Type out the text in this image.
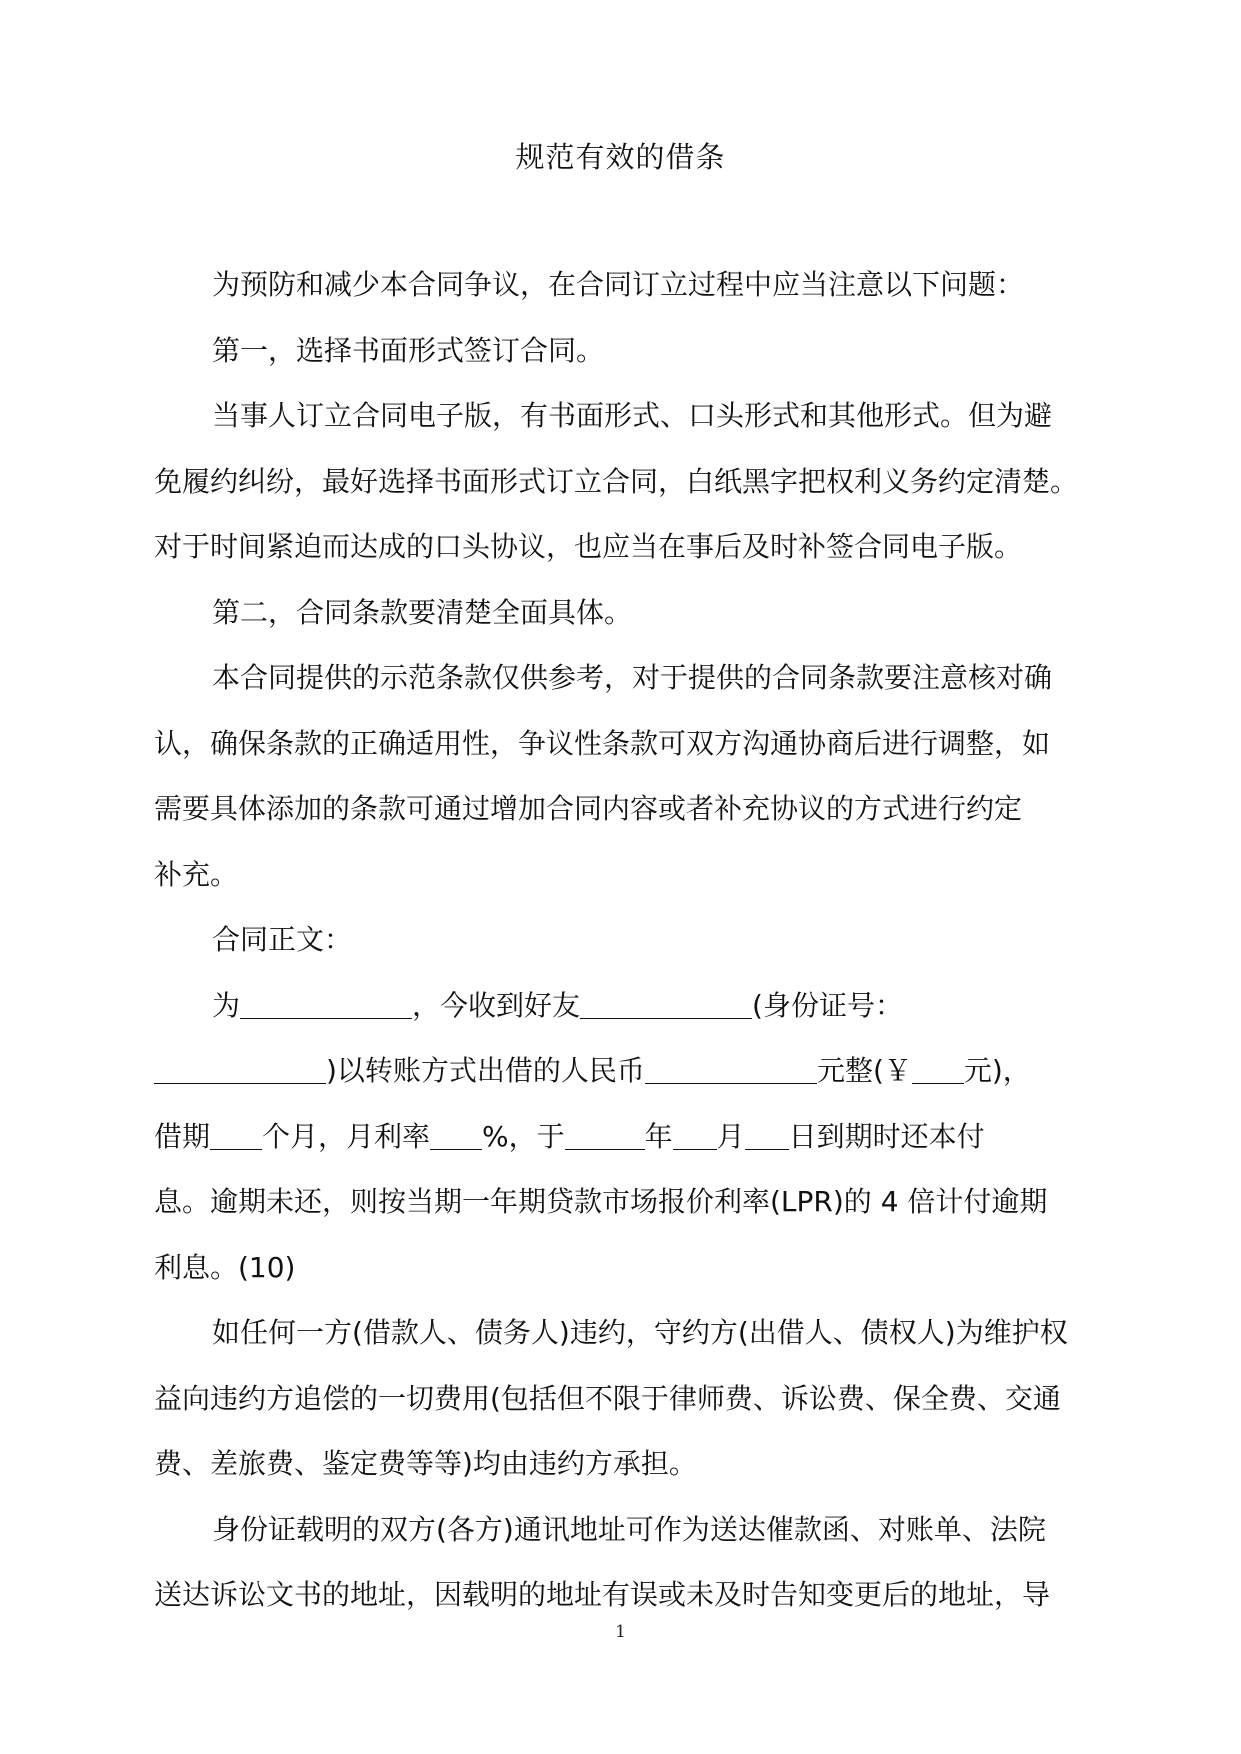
规范有效的借条
为预防和减少本合同争议，在合同订立过程中应当注意以下问题：
第一，选择书面形式签订合同。
当事人订立合同电子版，有书面形式、口头形式和其他形式。但为避
免履约纠纷，最好选择书面形式订立合同，白纸黑字把权利义务约定清楚。
对于时间紧迫而达成的口头协议，也应当在事后及时补签合同电子版。
第二，合同条款要清楚全面具体。
本合同提供的示范条款仅供参考，对于提供的合同条款要注意核对确
认，确保条款的正确适用性，争议性条款可双方沟通协商后进行调整，如
需要具体添加的条款可通过增加合同内容或者补充协议的方式进行约定
补充。
合同正文：
为	，今收到好友	(身份证号：
)以转账方式出借的人民币	元整(￥ 元)，
借期 个月，月利率 %，于	年 月 日到期时还本付
息。逾期未还，则按当期一年期贷款市场报价利率(LPR)的 4 倍计付逾期
利息。(10)
如任何一方(借款人、债务人)违约，守约方(出借人、债权人)为维护权
益向违约方追偿的一切费用(包括但不限于律师费、诉讼费、保全费、交通
费、差旅费、鉴定费等等)均由违约方承担。
身份证载明的双方(各方)通讯地址可作为送达催款函、对账单、法院
送达诉讼文书的地址，因载明的地址有误或未及时告知变更后的地址，导
1
